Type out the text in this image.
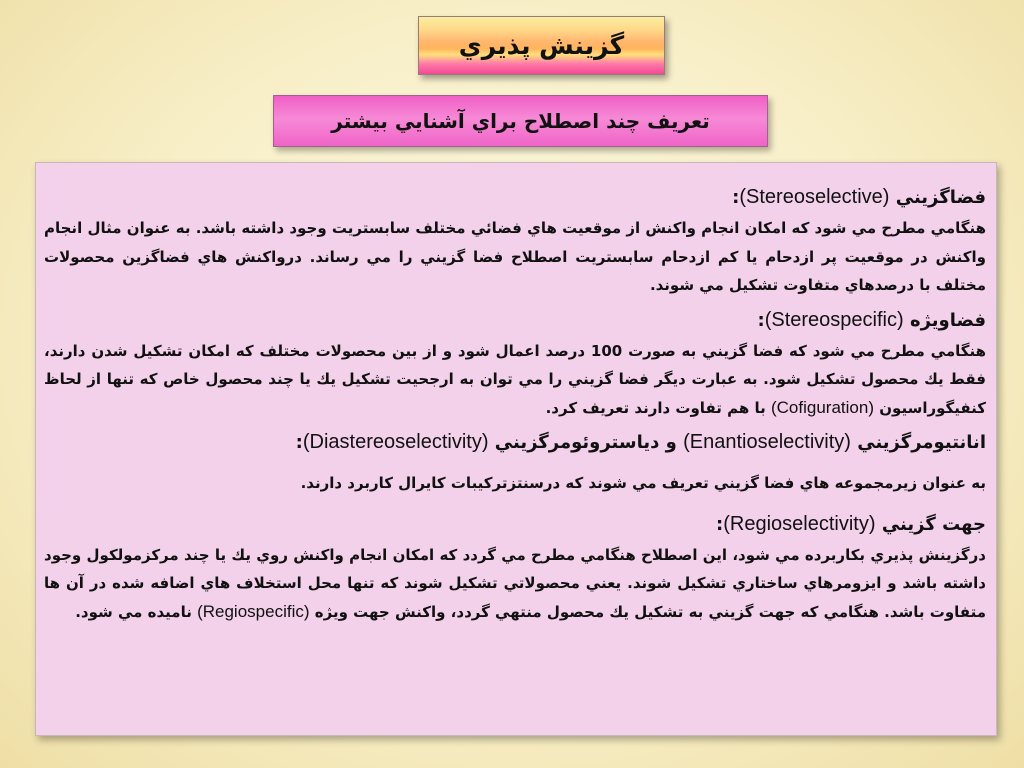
گزينش پذيري
تعريف چند اصطلاح براي آشنايي بيشتر
فضاگزيني (Stereoselective):

هنگامي مطرح مي شود كه امكان انجام واكنش از موقعيت هاي فضائي مختلف سابستريت وجود داشته باشد. به عنوان مثال انجام واكنش در موقعيت پر ازدحام يا كم ازدحام سابستريت اصطلاح فضا گزيني را مي رساند. درواكنش هاي فضاگزين محصولات مختلف با درصدهاي متفاوت تشكيل مي شوند.

فضاويژه (Stereospecific):

هنگامي مطرح مي شود كه فضا گزيني به صورت 100 درصد اعمال شود و از بين محصولات مختلف كه امكان تشكيل شدن دارند، فقط يك محصول تشكيل شود. به عبارت ديگر فضا گزيني را مي توان به ارجحيت تشكيل يك يا چند محصول خاص كه تنها از لحاظ كنفيگوراسيون (Cofiguration) با هم تفاوت دارند تعريف كرد.

انانتيومرگزيني (Enantioselectivity) و دياستروئومرگزيني (Diastereoselectivity):

به عنوان زيرمجموعه هاي فضا گزيني تعريف مي شوند كه درسنتزتركيبات كايرال كاربرد دارند.

جهت گزيني (Regioselectivity):

درگزينش پذيري بكاربرده مي شود، اين اصطلاح هنگامي مطرح مي گردد كه امكان انجام واكنش روي يك يا چند مركزمولكول وجود داشته باشد و ايزومرهاي ساختاري تشكيل شوند. يعني محصولاتي تشكيل شوند كه تنها محل استخلاف هاي اضافه شده در آن ها متفاوت باشد. هنگامي كه جهت گزيني به تشكيل يك محصول منتهي گردد، واكنش جهت ويژه (Regiospecific) ناميده مي شود.
